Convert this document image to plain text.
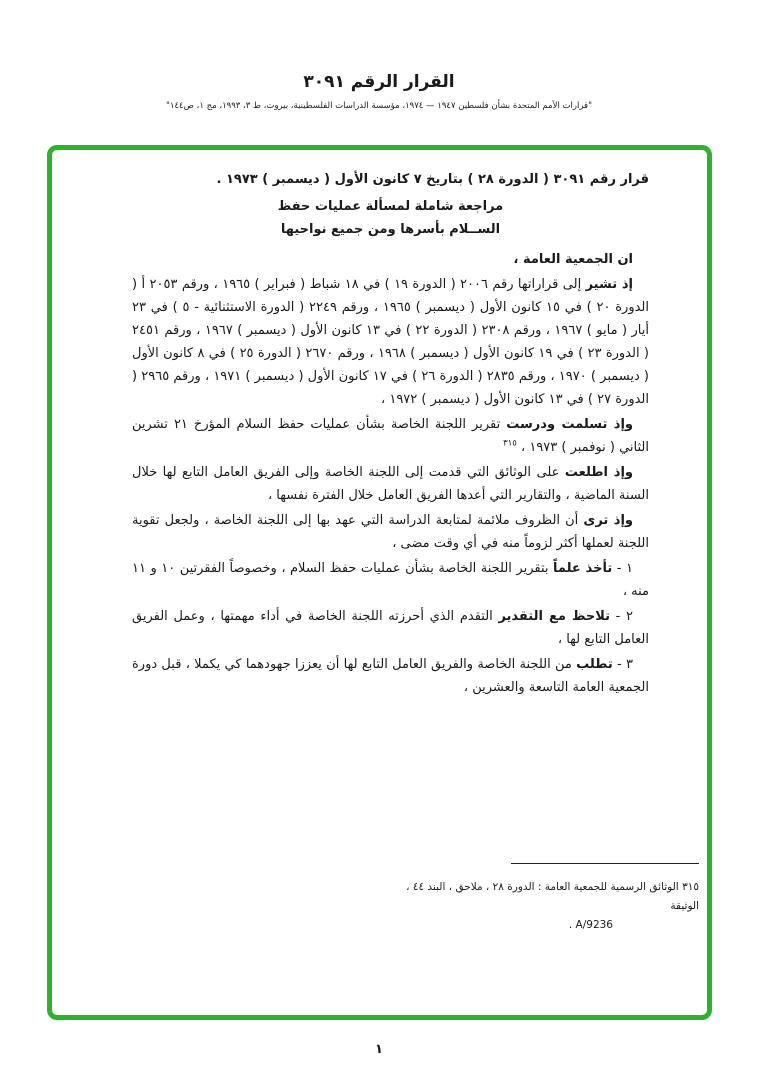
القرار الرقم ٣٠٩١
"قرارات الأمم المتحدة بشأن فلسطين ١٩٤٧ — ١٩٧٤، مؤسسة الدراسات الفلسطينية، بيروت، ط ٣، ١٩٩٣، مج ١، ص١٤٤"

قرار رقم ٣٠٩١ ( الدورة ٢٨ ) بتاريخ ٧ كانون الأول ( ديسمبر ) ١٩٧٣ .

مراجعة شاملة لمسألة عمليات حفظ

الســلام بأسرها ومن جميع نواحيها

ان الجمعية العامة ،

إذ تشير إلى قراراتها رقم ٢٠٠٦ ( الدورة ١٩ ) في ١٨ شباط ( فبراير ) ١٩٦٥ ، ورقم ٢٠٥٣ أ ( الدورة ٢٠ ) في ١٥ كانون الأول ( ديسمبر ) ١٩٦٥ ، ورقم ٢٢٤٩ ( الدورة الاستثنائية - ٥ ) في ٢٣ أيار ( مايو ) ١٩٦٧ ، ورقم ٢٣٠٨ ( الدورة ٢٢ ) في ١٣ كانون الأول ( ديسمبر ) ١٩٦٧ ، ورقم ٢٤٥١ ( الدورة ٢٣ ) في ١٩ كانون الأول ( ديسمبر ) ١٩٦٨ ، ورقم ٢٦٧٠ ( الدورة ٢٥ ) في ٨ كانون الأول ( ديسمبر ) ١٩٧٠ ، ورقم ٢٨٣٥ ( الدورة ٢٦ ) في ١٧ كانون الأول ( ديسمبر ) ١٩٧١ ، ورقم ٢٩٦٥ ( الدورة ٢٧ ) في ١٣ كانون الأول ( ديسمبر ) ١٩٧٢ ،

وإذ تسلمت ودرست تقرير اللجنة الخاصة بشأن عمليات حفظ السلام المؤرخ ٢١ تشرين الثاني ( نوفمبر ) ١٩٧٣ ، $^{٣١٥}$

وإذ اطلعت على الوثائق التي قدمت إلى اللجنة الخاصة وإلى الفريق العامل التابع لها خلال السنة الماضية ، والتقارير التي أعدها الفريق العامل خلال الفترة نفسها ،

وإذ ترى أن الظروف ملائمة لمتابعة الدراسة التي عهد بها إلى اللجنة الخاصة ، ولجعل تقوية اللجنة لعملها أكثر لزوماً منه في أي وقت مضى ،

١ - تأخذ علماً بتقرير اللجنة الخاصة بشأن عمليات حفظ السلام ، وخصوصاً الفقرتين ١٠ و ١١ منه ،

٢ - تلاحظ مع التقدير التقدم الذي أحرزته اللجنة الخاصة في أداء مهمتها ، وعمل الفريق العامل التابع لها ،

٣ - تطلب من اللجنة الخاصة والفريق العامل التابع لها أن يعززا جهودهما كي يكملا ، قبل دورة الجمعية العامة التاسعة والعشرين ،

٣١٥ الوثائق الرسمية للجمعية العامة : الدورة ٢٨ ، ملاحق ، البند ٤٤ ، الوثيقة
A/9236 .
١
